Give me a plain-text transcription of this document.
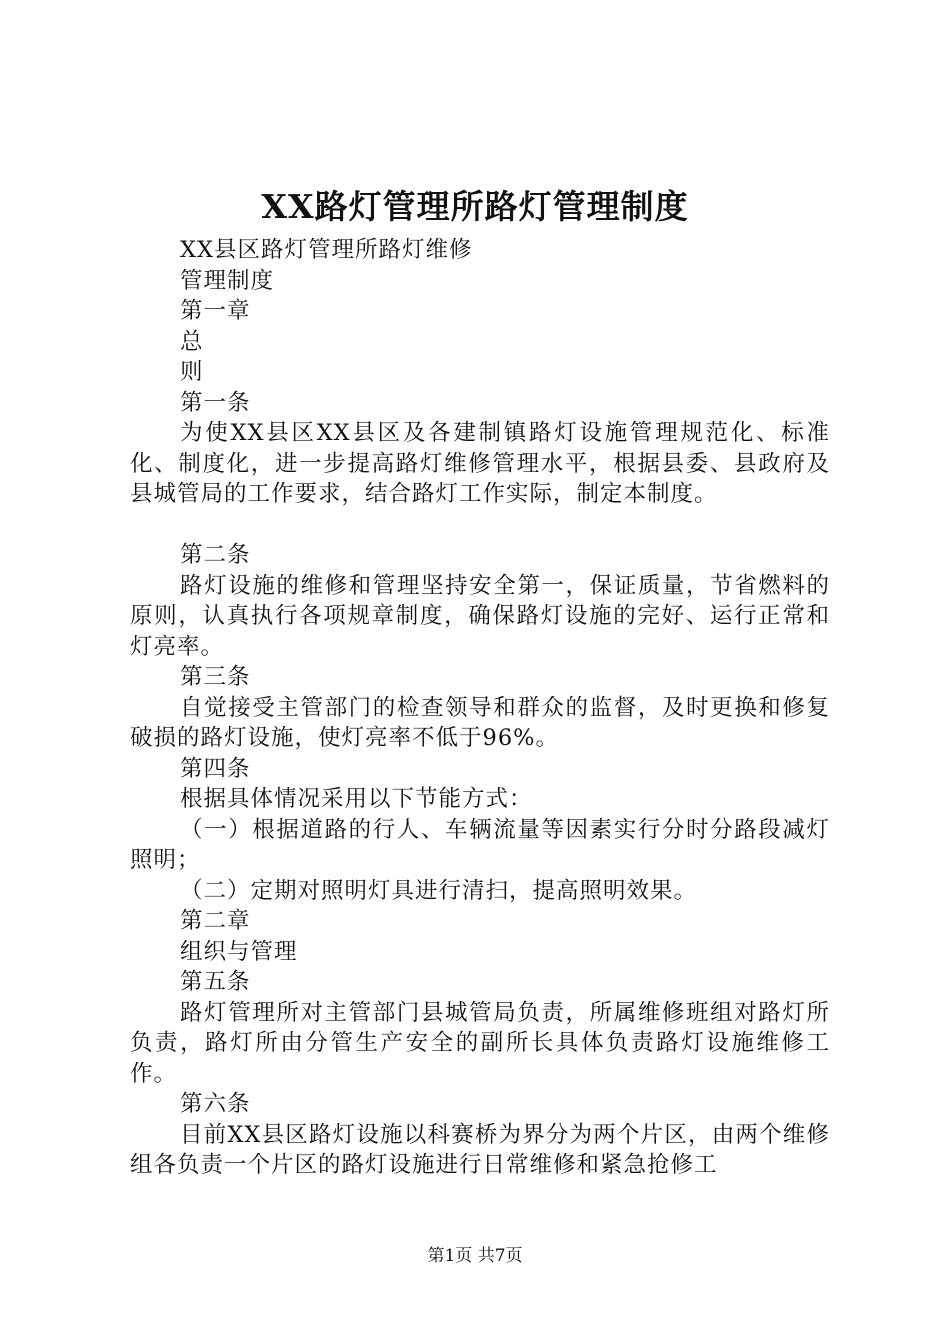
XX路灯管理所路灯管理制度
XX县区路灯管理所路灯维修
管理制度
第一章
总
则
第一条
为使XX县区XX县区及各建制镇路灯设施管理规范化、标准化、制度化，进一步提高路灯维修管理水平，根据县委、县政府及县城管局的工作要求，结合路灯工作实际，制定本制度。
第二条
路灯设施的维修和管理坚持安全第一，保证质量，节省燃料的原则，认真执行各项规章制度，确保路灯设施的完好、运行正常和灯亮率。
第三条
自觉接受主管部门的检查领导和群众的监督，及时更换和修复破损的路灯设施，使灯亮率不低于96%。
第四条
根据具体情况采用以下节能方式：
（一）根据道路的行人、车辆流量等因素实行分时分路段减灯照明；
（二）定期对照明灯具进行清扫，提高照明效果。
第二章
组织与管理
第五条
路灯管理所对主管部门县城管局负责，所属维修班组对路灯所负责，路灯所由分管生产安全的副所长具体负责路灯设施维修工作。
第六条
目前XX县区路灯设施以科赛桥为界分为两个片区，由两个维修组各负责一个片区的路灯设施进行日常维修和紧急抢修工
第1页 共7页
